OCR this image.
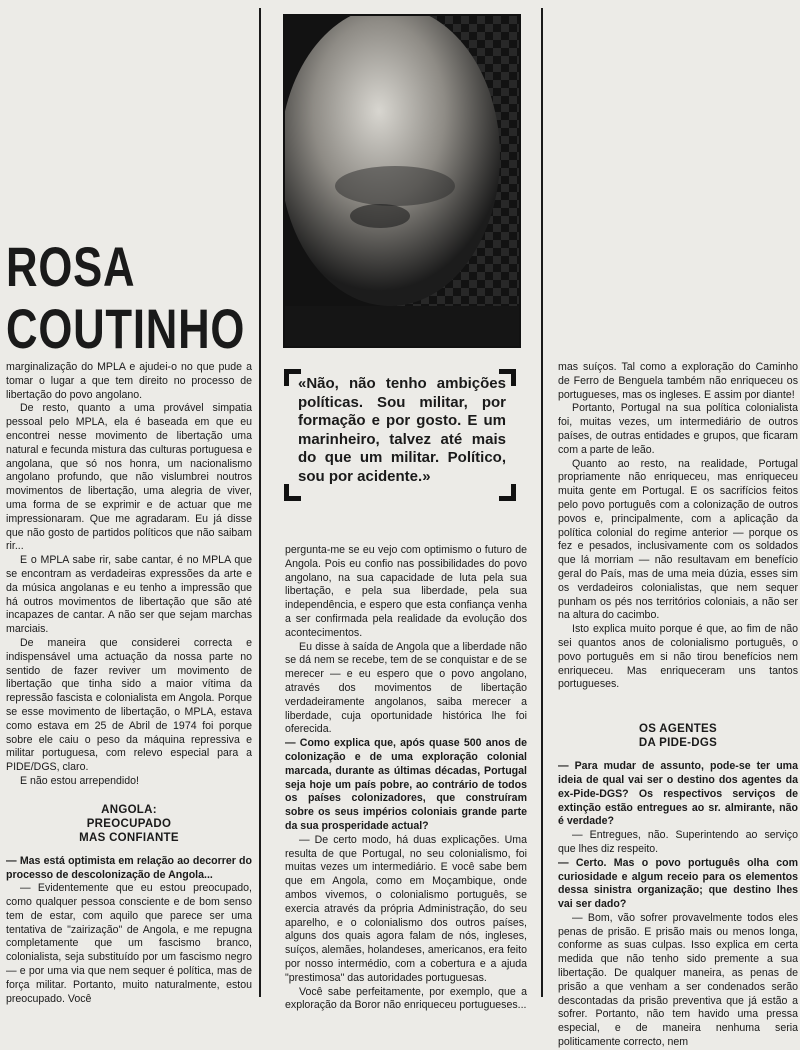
ROSA
COUTINHO
«Não, não tenho ambições políticas. Sou militar, por formação e por gosto. E um marinheiro, talvez até mais do que um militar. Político, sou por acidente.»

marginalização do MPLA e ajudei-o no que pude a tomar o lugar a que tem direito no processo de libertação do povo angolano.

De resto, quanto a uma provável simpatia pessoal pelo MPLA, ela é baseada em que eu encontrei nesse movimento de libertação uma natural e fecunda mistura das culturas portuguesa e angolana, que só nos honra, um nacionalismo angolano profundo, que não vislumbrei noutros movimentos de libertação, uma alegria de viver, uma forma de se exprimir e de actuar que me impressionaram. Que me agradaram. Eu já disse que não gosto de partidos políticos que não saibam rir...

E o MPLA sabe rir, sabe cantar, é no MPLA que se encontram as verdadeiras expressões da arte e da música angolanas e eu tenho a impressão que há outros movimentos de libertação que são até incapazes de cantar. A não ser que sejam marchas marciais.

De maneira que considerei correcta e indispensável uma actuação da nossa parte no sentido de fazer reviver um movimento de libertação que tinha sido a maior vítima da repressão fascista e colonialista em Angola. Porque se esse movimento de libertação, o MPLA, estava como estava em 25 de Abril de 1974 foi porque sobre ele caiu o peso da máquina repressiva e militar portuguesa, com relevo especial para a PIDE/DGS, claro.

E não estou arrependido!

ANGOLA:
PREOCUPADO
MAS CONFIANTE

— Mas está optimista em relação ao decorrer do processo de descolonização de Angola...

— Evidentemente que eu estou preocupado, como qualquer pessoa consciente e de bom senso tem de estar, com aquilo que parece ser uma tentativa de "zairização" de Angola, e me repugna completamente que um fascismo branco, colonialista, seja substituído por um fascismo negro — e por uma via que nem sequer é política, mas de força militar. Portanto, muito naturalmente, estou preocupado. Você

pergunta-me se eu vejo com optimismo o futuro de Angola. Pois eu confio nas possibilidades do povo angolano, na sua capacidade de luta pela sua libertação, e pela sua liberdade, pela sua independência, e espero que esta confiança venha a ser confirmada pela realidade da evolução dos acontecimentos.

Eu disse à saída de Angola que a liberdade não se dá nem se recebe, tem de se conquistar e de se merecer — e eu espero que o povo angolano, através dos movimentos de libertação verdadeiramente angolanos, saiba merecer a liberdade, cuja oportunidade histórica lhe foi oferecida.

— Como explica que, após quase 500 anos de colonização e de uma exploração colonial marcada, durante as últimas décadas, Portugal seja hoje um país pobre, ao contrário de todos os países colonizadores, que construíram sobre os seus impérios coloniais grande parte da sua prosperidade actual?

— De certo modo, há duas explicações. Uma resulta de que Portugal, no seu colonialismo, foi muitas vezes um intermediário. E você sabe bem que em Angola, como em Moçambique, onde ambos vivemos, o colonialismo português, se exercia através da própria Administração, do seu aparelho, e o colonialismo dos outros países, alguns dos quais agora falam de nós, ingleses, suíços, alemães, holandeses, americanos, era feito por nosso intermédio, com a cobertura e a ajuda "prestimosa" das autoridades portuguesas.

Você sabe perfeitamente, por exemplo, que a exploração da Boror não enriqueceu portugueses...

mas suíços. Tal como a exploração do Caminho de Ferro de Benguela também não enriqueceu os portugueses, mas os ingleses. E assim por diante!

Portanto, Portugal na sua política colonialista foi, muitas vezes, um intermediário de outros países, de outras entidades e grupos, que ficaram com a parte de leão.

Quanto ao resto, na realidade, Portugal propriamente não enriqueceu, mas enriqueceu muita gente em Portugal. E os sacrifícios feitos pelo povo português com a colonização de outros povos e, principalmente, com a aplicação da política colonial do regime anterior — porque os fez e pesados, inclusivamente com os soldados que lá morriam — não resultavam em benefício geral do País, mas de uma meia dúzia, esses sim os verdadeiros colonialistas, que nem sequer punham os pés nos territórios coloniais, a não ser na altura do cacimbo.

Isto explica muito porque é que, ao fim de não sei quantos anos de colonialismo português, o povo português em si não tirou benefícios nem enriqueceu. Mas enriqueceram uns tantos portugueses.

OS AGENTES
DA PIDE-DGS

— Para mudar de assunto, pode-se ter uma ideia de qual vai ser o destino dos agentes da ex-Pide-DGS? Os respectivos serviços de extinção estão entregues ao sr. almirante, não é verdade?

— Entregues, não. Superintendo ao serviço que lhes diz respeito.

— Certo. Mas o povo português olha com curiosidade e algum receio para os elementos dessa sinistra organização; que destino lhes vai ser dado?

— Bom, vão sofrer provavelmente todos eles penas de prisão. E prisão mais ou menos longa, conforme as suas culpas. Isso explica em certa medida que não tenho sido premente a sua libertação. De qualquer maneira, as penas de prisão a que venham a ser condenados serão descontadas da prisão preventiva que já estão a sofrer. Portanto, não tem havido uma pressa especial, e de maneira nenhuma seria politicamente correcto, nem
